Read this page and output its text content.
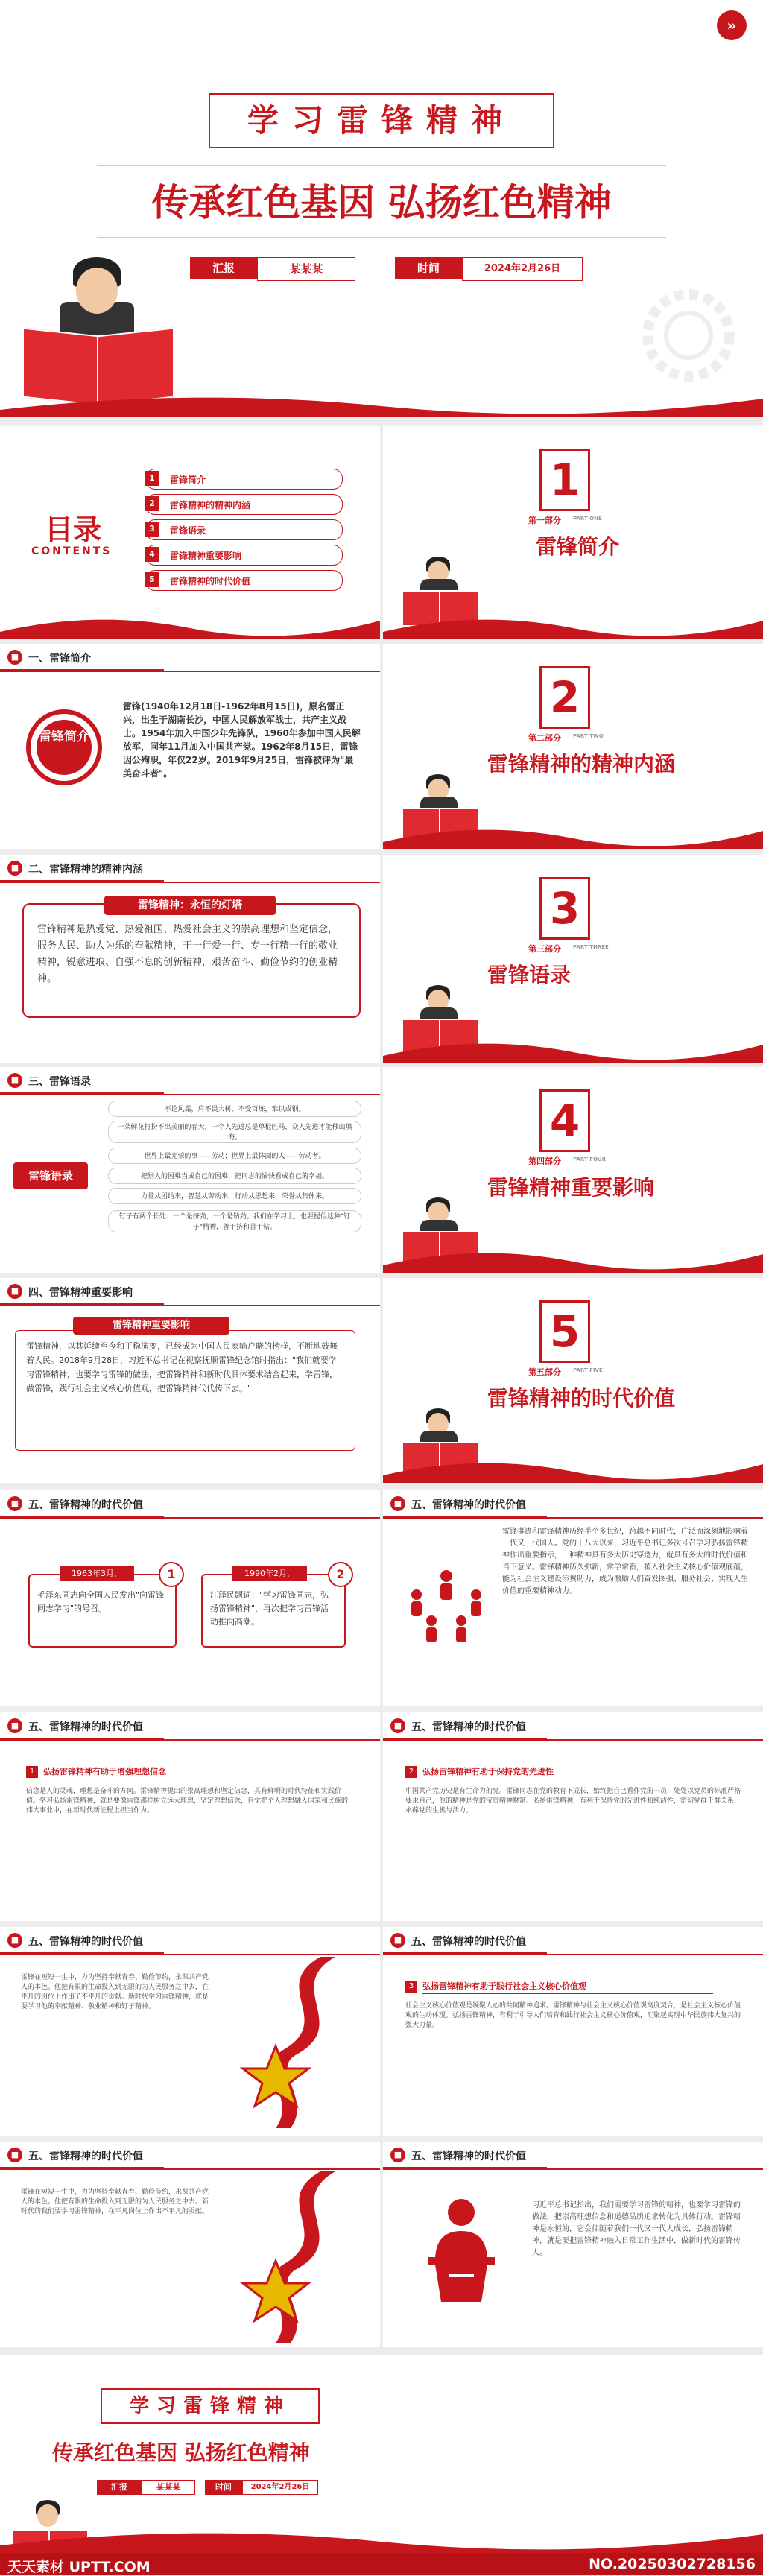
»
学习雷锋精神
传承红色基因 弘扬红色精神
汇报	某某某	时间	2024年2月26日
目录
CONTENTS
1	雷锋简介
2	雷锋精神的精神内涵
3	雷锋语录
4	雷锋精神重要影响
5	雷锋精神的时代价值
1
第一部分 PART ONE
雷锋简介
■ 一、雷锋简介
雷锋简介
雷锋(1940年12月18日-1962年8月15日)，原名雷正兴，出生于湖南长沙，中国人民解放军战士，共产主义战士。1954年加入中国少年先锋队，1960年参加中国人民解放军，同年11月加入中国共产党。1962年8月15日，雷锋因公殉职，年仅22岁。2019年9月25日，雷锋被评为"最美奋斗者"。
2
第二部分 PART TWO
雷锋精神的精神内涵
■ 二、雷锋精神的精神内涵
雷锋精神：永恒的灯塔
雷锋精神是热爱党、热爱祖国、热爱社会主义的崇高理想和坚定信念，服务人民、助人为乐的奉献精神，干一行爱一行、专一行精一行的敬业精神，锐意进取、自强不息的创新精神，艰苦奋斗、勤俭节约的创业精神。
3
第三部分 PART THREE
雷锋语录
■ 三、雷锋语录
雷锋语录
不论风霜，肩不畏大树，不受百炼，难以成钢。
一朵鲜花打扮不出美丽的春天，一个人先进总是单枪匹马，众人先进才能移山填海。
世界上最光荣的事——劳动；世界上最体面的人——劳动者。
把别人的困难当成自己的困难，把同志的愉快看成自己的幸福。
力量从团结来，智慧从劳动来，行动从思想来，荣誉从集体来。
钉子有两个长处：一个是挤劲，一个是钻劲。我们在学习上，也要提倡这种"钉子"精神，善于挤和善于钻。
4
第四部分 PART FOUR
雷锋精神重要影响
■ 四、雷锋精神重要影响
雷锋精神重要影响
雷锋精神，以其延续至今和平稳演变，已经成为中国人民家喻户晓的榜样，不断地鼓舞着人民。2018年9月28日，习近平总书记在视察抚顺雷锋纪念馆时指出："我们就要学习雷锋精神，也要学习雷锋的做法，把雷锋精神和新时代具体要求结合起来，学雷锋，做雷锋，践行社会主义核心价值观，把雷锋精神代代传下去。"
5
第五部分 PART FIVE
雷锋精神的时代价值
■ 五、雷锋精神的时代价值
1963年3月，
毛泽东同志向全国人民发出"向雷锋同志学习"的号召。
1	1990年2月，
江泽民题词："学习雷锋同志，弘扬雷锋精神"，再次把学习雷锋活动推向高潮。
2
■ 五、雷锋精神的时代价值
雷锋事迹和雷锋精神历经半个多世纪，跨越不同时代，广泛而深刻地影响着一代又一代国人。党的十八大以来，习近平总书记多次号召学习弘扬雷锋精神作出重要指示，一种精神具有多大历史穿透力，就具有多大的时代价值和当下意义。雷锋精神历久弥新，常学常新，植入社会主义核心价值观底蕴，能为社会主义建设添翼助力，成为激励人们奋发图强、服务社会、实现人生价值的重要精神动力。
■ 五、雷锋精神的时代价值
1	弘扬雷锋精神有助于增强理想信念
信念是人的灵魂，理想是奋斗的方向。雷锋精神提出的崇高理想和坚定信念，具有鲜明的时代特征和实践价值。学习弘扬雷锋精神，就是要像雷锋那样树立远大理想，坚定理想信念，自觉把个人理想融入国家和民族的伟大事业中，在新时代新征程上担当作为。
■ 五、雷锋精神的时代价值
2	弘扬雷锋精神有助于保持党的先进性
中国共产党历史是有生命力的党。雷锋同志在党的教育下成长，始终把自己看作党的一员，处处以党员的标准严格要求自己，他的精神是党的宝贵精神财富。弘扬雷锋精神，有利于保持党的先进性和纯洁性，密切党群干群关系，永葆党的生机与活力。
■ 五、雷锋精神的时代价值
雷锋在短短一生中，力为坚持奉献青春、勤俭节约，永葆共产党人的本色。他把有限的生命投入到无限的为人民服务之中去，在平凡的岗位上作出了不平凡的贡献。新时代学习雷锋精神，就是要学习他的奉献精神、敬业精神和钉子精神。
■ 五、雷锋精神的时代价值
3	弘扬雷锋精神有助于践行社会主义核心价值观
社会主义核心价值观是凝聚人心的共同精神追求。雷锋精神与社会主义核心价值观高度契合，是社会主义核心价值观的生动体现。弘扬雷锋精神，有利于引导人们培育和践行社会主义核心价值观，汇聚起实现中华民族伟大复兴的强大力量。
■ 五、雷锋精神的时代价值
雷锋在短短一生中，力为坚持奉献青春、勤俭节约，永葆共产党人的本色。他把有限的生命投入到无限的为人民服务之中去。新时代的我们要学习雷锋精神，在平凡岗位上作出不平凡的贡献。
■ 五、雷锋精神的时代价值
习近平总书记指出，我们需要学习雷锋的精神，也要学习雷锋的做法，把崇高理想信念和道德品质追求转化为具体行动。雷锋精神是永恒的，它会伴随着我们一代又一代人成长，弘扬雷锋精神，就是要把雷锋精神融入日常工作生活中，做新时代的雷锋传人。
学习雷锋精神
传承红色基因 弘扬红色精神
汇报	某某某	时间	2024年2月26日
天天素材 UPTT.COM	NO.20250302728156
